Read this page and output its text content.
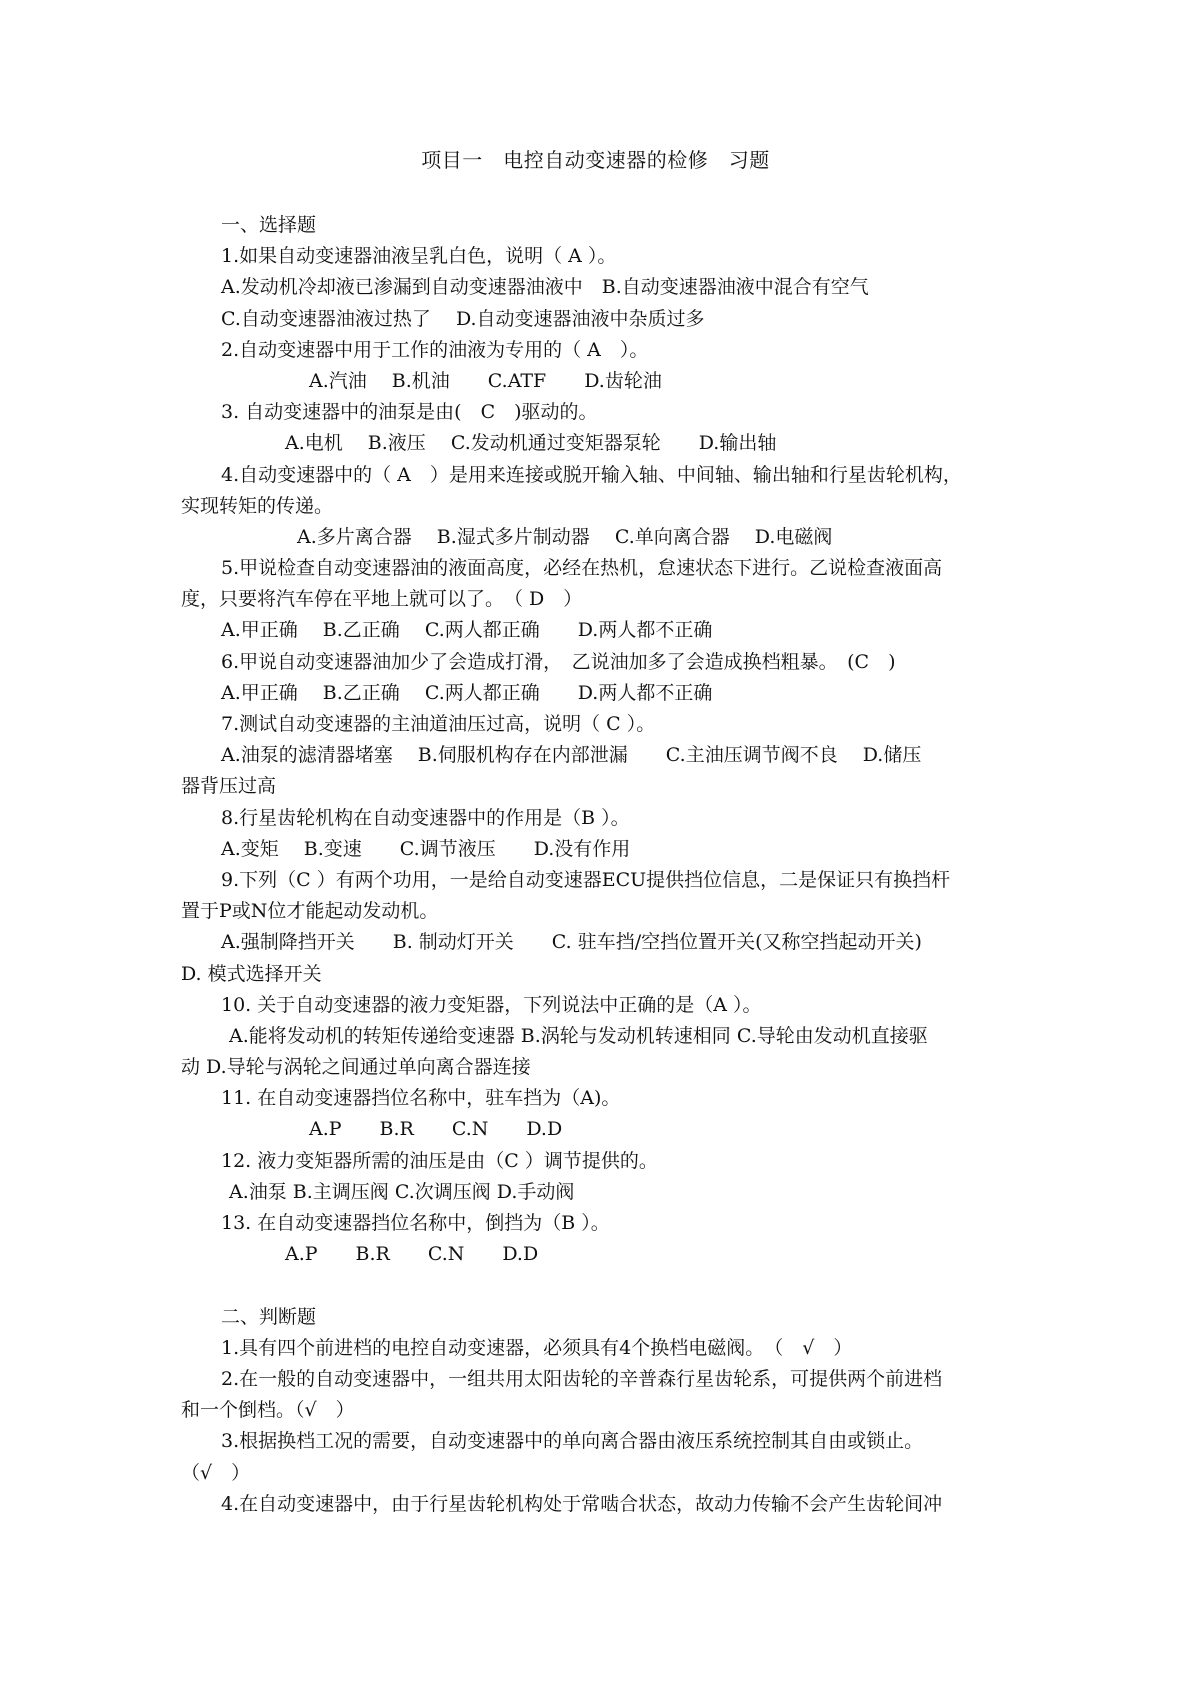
项目一　电控自动变速器的检修　习题
一、选择题
1.如果自动变速器油液呈乳白色，说明（ A ）。
A.发动机冷却液已渗漏到自动变速器油液中　B.自动变速器油液中混合有空气
C.自动变速器油液过热了　 D.自动变速器油液中杂质过多
2.自动变速器中用于工作的油液为专用的（ A　）。
A.汽油　 B.机油　　C.ATF　　D.齿轮油
3. 自动变速器中的油泵是由(　C　)驱动的。
A.电机　 B.液压　 C.发动机通过变矩器泵轮　　D.输出轴
4.自动变速器中的（ A　）是用来连接或脱开输入轴、中间轴、输出轴和行星齿轮机构，
实现转矩的传递。
A.多片离合器　 B.湿式多片制动器　 C.单向离合器　 D.电磁阀
5.甲说检查自动变速器油的液面高度，必经在热机，怠速状态下进行。乙说检查液面高
度，只要将汽车停在平地上就可以了。　（ D　）
A.甲正确　 B.乙正确　 C.两人都正确　　D.两人都不正确
6.甲说自动变速器油加少了会造成打滑，　乙说油加多了会造成换档粗暴。　(C　)
A.甲正确　 B.乙正确　 C.两人都正确　　D.两人都不正确
7.测试自动变速器的主油道油压过高，说明（ C ）。
A.油泵的滤清器堵塞　 B.伺服机构存在内部泄漏　　C.主油压调节阀不良　 D.储压
器背压过高
8.行星齿轮机构在自动变速器中的作用是（B ）。
A.变矩　 B.变速　　C.调节液压　　D.没有作用
9.下列（C ）有两个功用，一是给自动变速器ECU提供挡位信息，二是保证只有换挡杆
置于P或N位才能起动发动机。
A.强制降挡开关　　B. 制动灯开关　　C. 驻车挡/空挡位置开关(又称空挡起动开关)
D. 模式选择开关
10. 关于自动变速器的液力变矩器，下列说法中正确的是（A ）。
A.能将发动机的转矩传递给变速器 B.涡轮与发动机转速相同 C.导轮由发动机直接驱
动 D.导轮与涡轮之间通过单向离合器连接
11. 在自动变速器挡位名称中，驻车挡为（A)。
A.P　　B.R　　C.N　　D.D
12. 液力变矩器所需的油压是由（C ）调节提供的。
A.油泵 B.主调压阀 C.次调压阀 D.手动阀
13. 在自动变速器挡位名称中，倒挡为（B ）。
A.P　　B.R　　C.N　　D.D
二、判断题
1.具有四个前进档的电控自动变速器，必须具有4个换档电磁阀。　（　√　）
2.在一般的自动变速器中，一组共用太阳齿轮的辛普森行星齿轮系，可提供两个前进档
和一个倒档。（√　）
3.根据换档工况的需要，自动变速器中的单向离合器由液压系统控制其自由或锁止。
（√　）
4.在自动变速器中，由于行星齿轮机构处于常啮合状态，故动力传输不会产生齿轮间冲
